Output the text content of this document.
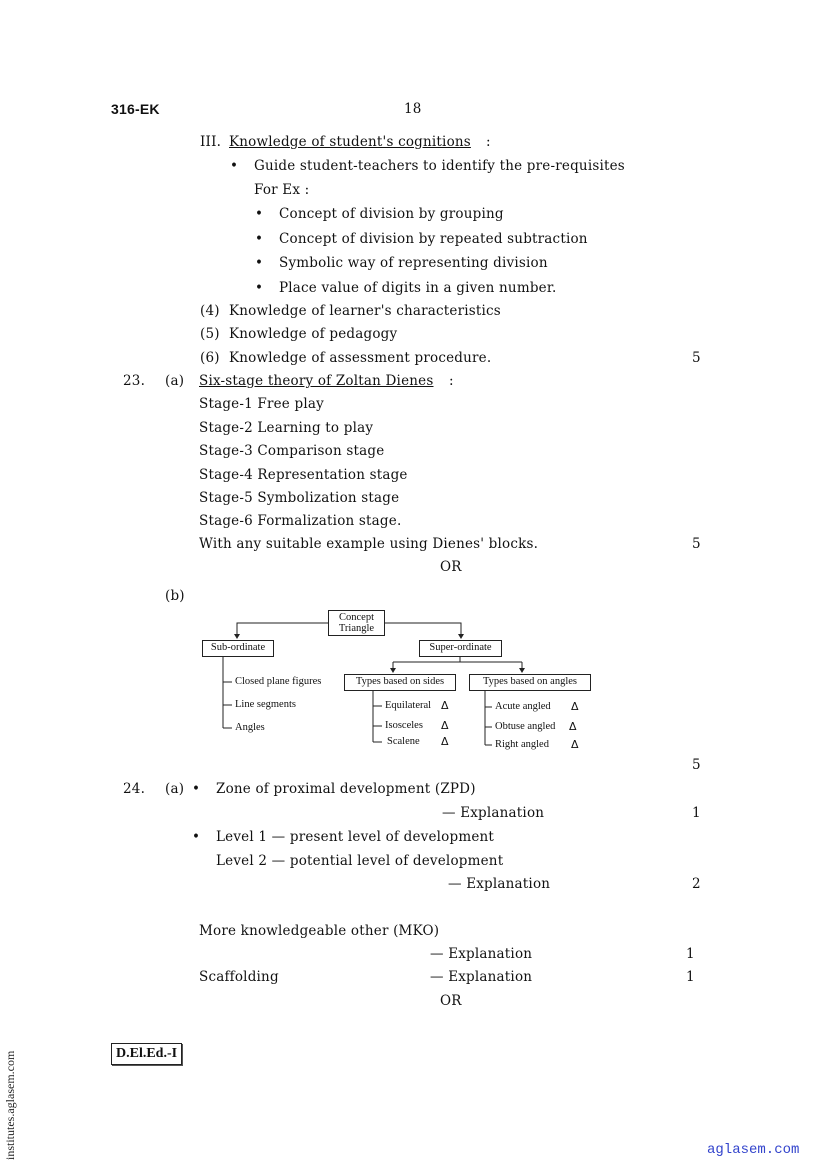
316-EK	18
III. Knowledge of student's cognitions :
• Guide student-teachers to identify the pre-requisites
For Ex :
• Concept of division by grouping
• Concept of division by repeated subtraction
• Symbolic way of representing division
• Place value of digits in a given number.
(4) Knowledge of learner's characteristics
(5) Knowledge of pedagogy
(6) Knowledge of assessment procedure.	5
23. (a) Six-stage theory of Zoltan Dienes :
Stage-1 Free play
Stage-2 Learning to play
Stage-3 Comparison stage
Stage-4 Representation stage
Stage-5 Symbolization stage
Stage-6 Formalization stage.
With any suitable example using Dienes' blocks.	5
OR
(b)
Concept Triangle
Sub-ordinate	Super-ordinate
Types based on sides	Types based on angles
Closed plane figures
Line segments
Angles
Equilateral
Isosceles
Scalene
Acute angled
Obtuse angled
Right angled
Δ
Δ
Δ
Δ
Δ
Δ
5
24. (a) • Zone of proximal development (ZPD)
— Explanation	1
• Level 1 — present level of development
Level 2 — potential level of development
— Explanation	2
More knowledgeable other (MKO)
— Explanation	1
Scaffolding	— Explanation	1
OR
D.El.Ed.-I
institutes.aglasem.com	aglasem.com
